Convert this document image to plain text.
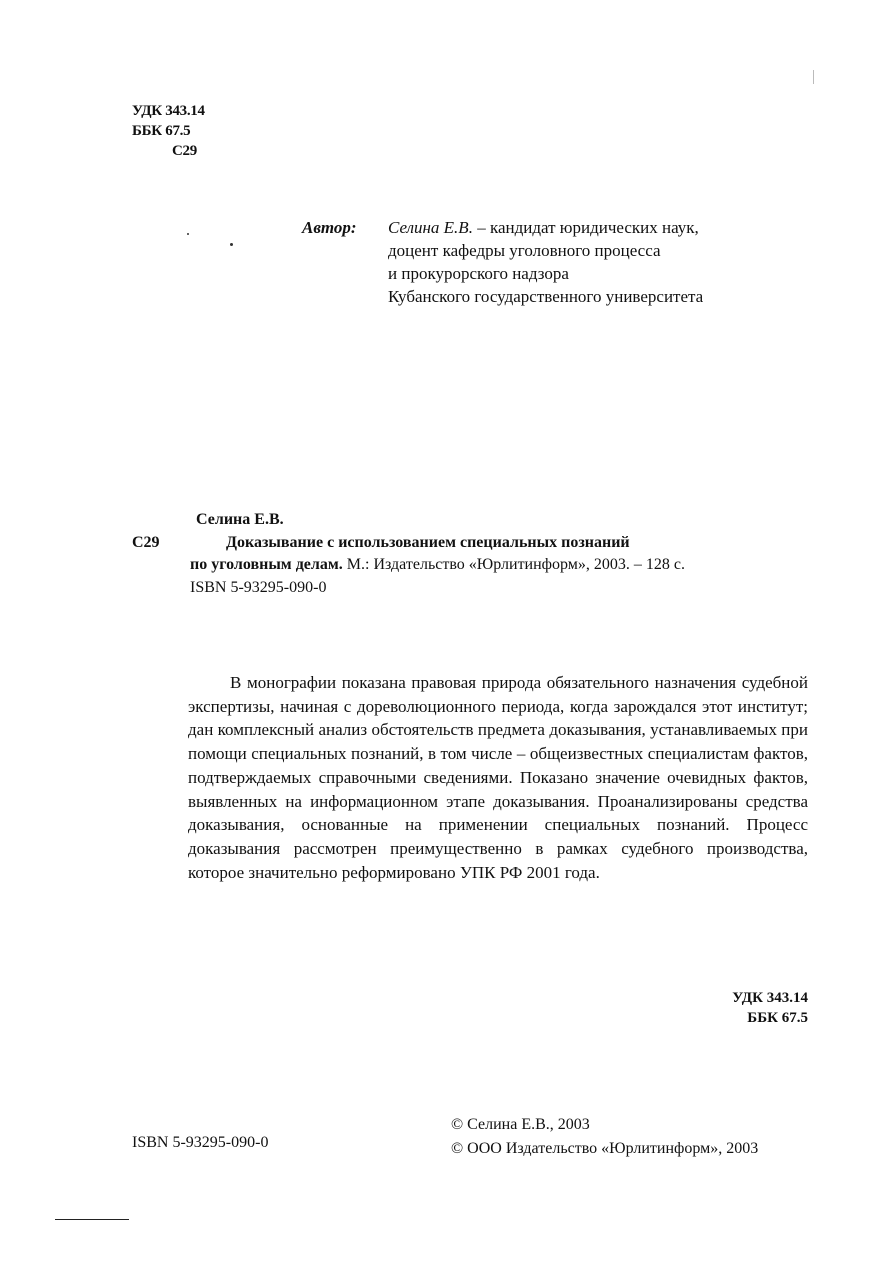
УДК 343.14
ББК 67.5
С29
Автор: Селина Е.В. – кандидат юридических наук,
доцент кафедры уголовного процесса
и прокурорского надзора
Кубанского государственного университета
Селина Е.В.
С29	Доказывание с использованием специальных познаний
по уголовным делам. М.: Издательство «Юрлитинформ», 2003. – 128 с.
ISBN 5-93295-090-0
В монографии показана правовая природа обязательного назначения судебной экспертизы, начиная с дореволюционного периода, когда зарождался этот институт; дан комплексный анализ обстоятельств предмета доказывания, устанавливаемых при помощи специальных познаний, в том числе – общеизвестных специалистам фактов, подтверждаемых справочными сведениями. Показано значение очевидных фактов, выявленных на информационном этапе доказывания. Проанализированы средства доказывания, основанные на применении специальных познаний. Процесс доказывания рассмотрен преимущественно в рамках судебного производства, которое значительно реформировано УПК РФ 2001 года.
УДК 343.14
ББК 67.5
ISBN 5-93295-090-0
© Селина Е.В., 2003
© ООО Издательство «Юрлитинформ», 2003
